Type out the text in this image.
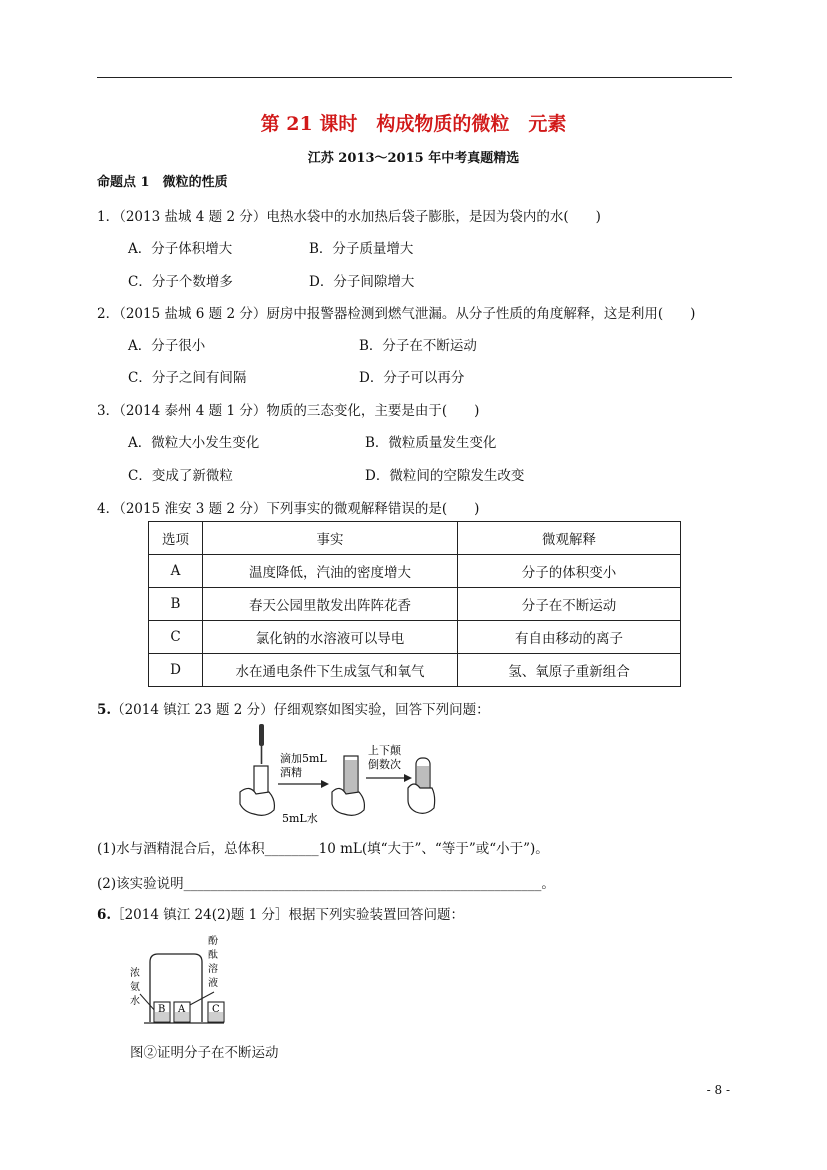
第 21 课时　构成物质的微粒　元素
江苏 2013～2015 年中考真题精选
命题点 1　微粒的性质
1．（2013 盐城 4 题 2 分）电热水袋中的水加热后袋子膨胀，是因为袋内的水(　　)
A．分子体积增大	B．分子质量增大
C．分子个数增多	D．分子间隙增大
2．（2015 盐城 6 题 2 分）厨房中报警器检测到燃气泄漏。从分子性质的角度解释，这是利用(　　)
A．分子很小	B．分子在不断运动
C．分子之间有间隔	D．分子可以再分
3．（2014 泰州 4 题 1 分）物质的三态变化，主要是由于(　　)
A．微粒大小发生变化	B．微粒质量发生变化
C．变成了新微粒	D．微粒间的空隙发生改变
4．（2015 淮安 3 题 2 分）下列事实的微观解释错误的是(　　)
选项	事实	微观解释
A	温度降低，汽油的密度增大	分子的体积变小
B	春天公园里散发出阵阵花香	分子在不断运动
C	氯化钠的水溶液可以导电	有自由移动的离子
D	水在通电条件下生成氢气和氧气	氢、氧原子重新组合
5.（2014 镇江 23 题 2 分）仔细观察如图实验，回答下列问题：
滴加5mL
酒精
5mL水
上下颠
倒数次
(1)水与酒精混合后，总体积________10 mL(填“大于”、“等于”或“小于”)。
(2)该实验说明_____________________________________________________。
6.［2014 镇江 24(2)题 1 分］根据下列实验装置回答问题：
浓
氨
水
酚
酞
溶
液
B A	C
图②证明分子在不断运动
- 8 -
